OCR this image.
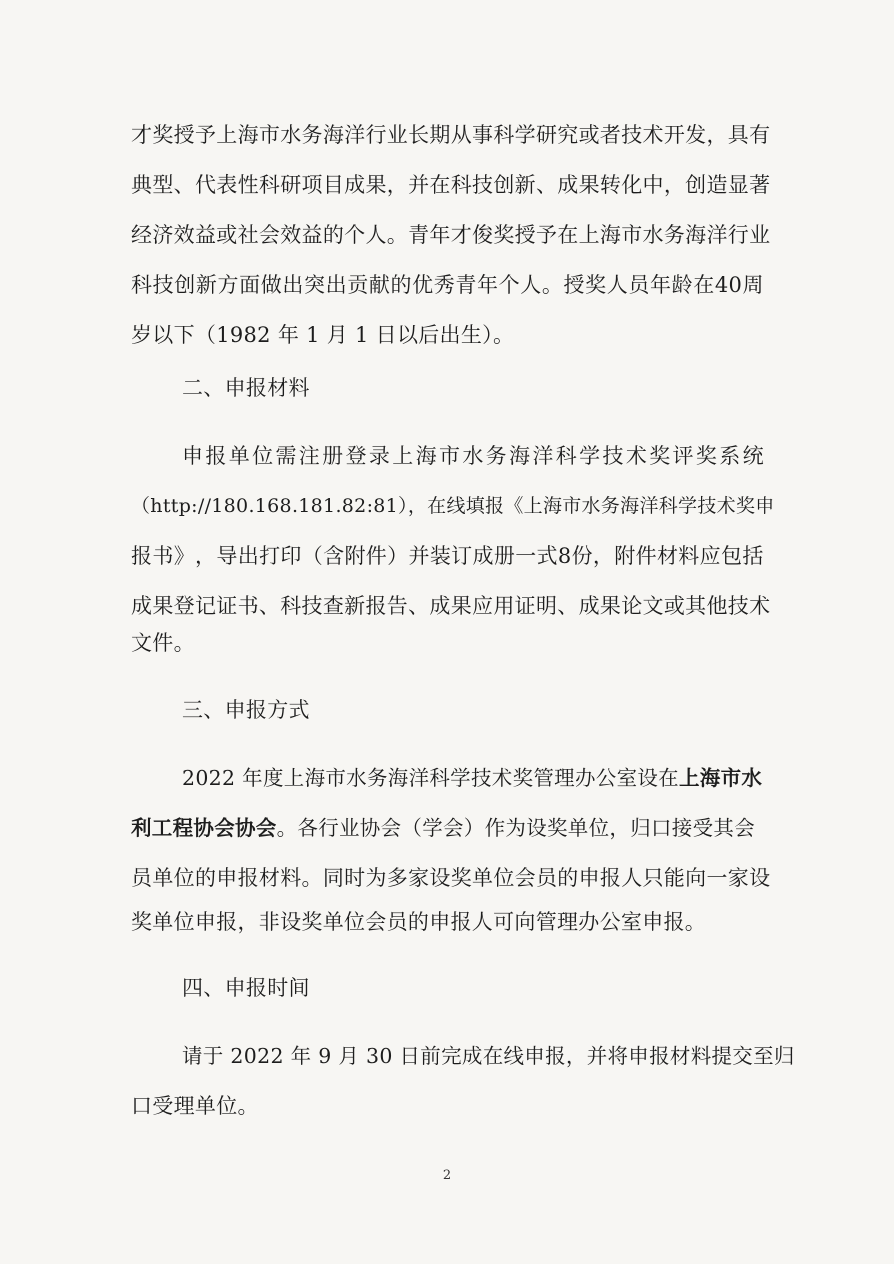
才 奖 授 予 上 海 市 水 务 海 洋 行 业 长 期 从 事 科 学 研 究 或 者 技 术 开 发 ， 具 有
典 型 、 代 表 性 科 研 项 目 成 果 ， 并 在 科 技 创 新 、 成 果 转 化 中 ， 创 造 显 著
经 济 效 益 或 社 会 效 益 的 个 人 。 青 年 才 俊 奖 授 予 在 上 海 市 水 务 海 洋 行 业
科 技 创 新 方 面 做 出 突 出 贡 献 的 优 秀 青 年 个 人 。 授 奖 人 员 年 龄 在 40 周
岁以下（1982 年 1 月 1 日以后出生）。
二、申报材料
申 报 单 位 需 注 册 登 录 上 海 市 水 务 海 洋 科 学 技 术 奖 评 奖 系 统
（http://180.168.181.82:81），在线填报《上海市水务海洋科学技术奖申
报 书 》 ， 导 出 打 印 （ 含 附 件 ） 并 装 订 成 册 一 式 8 份 ， 附 件 材 料 应 包 括
成 果 登 记 证 书 、 科 技 查 新 报 告 、 成 果 应 用 证 明 、 成 果 论 文 或 其 他 技 术
文件。
三、申报方式
2022 年度上海市水务海洋科学技术奖管理办公室设在上海市水
利工程协会协会。各行业协会（学会）作为设奖单位，归口接受其会
员 单 位 的 申 报 材 料 。 同 时 为 多 家 设 奖 单 位 会 员 的 申 报 人 只 能 向 一 家 设
奖单位申报，非设奖单位会员的申报人可向管理办公室申报。
四、申报时间
请于 2022 年 9 月 30 日前完成在线申报，并将申报材料提交至归
口受理单位。
2
